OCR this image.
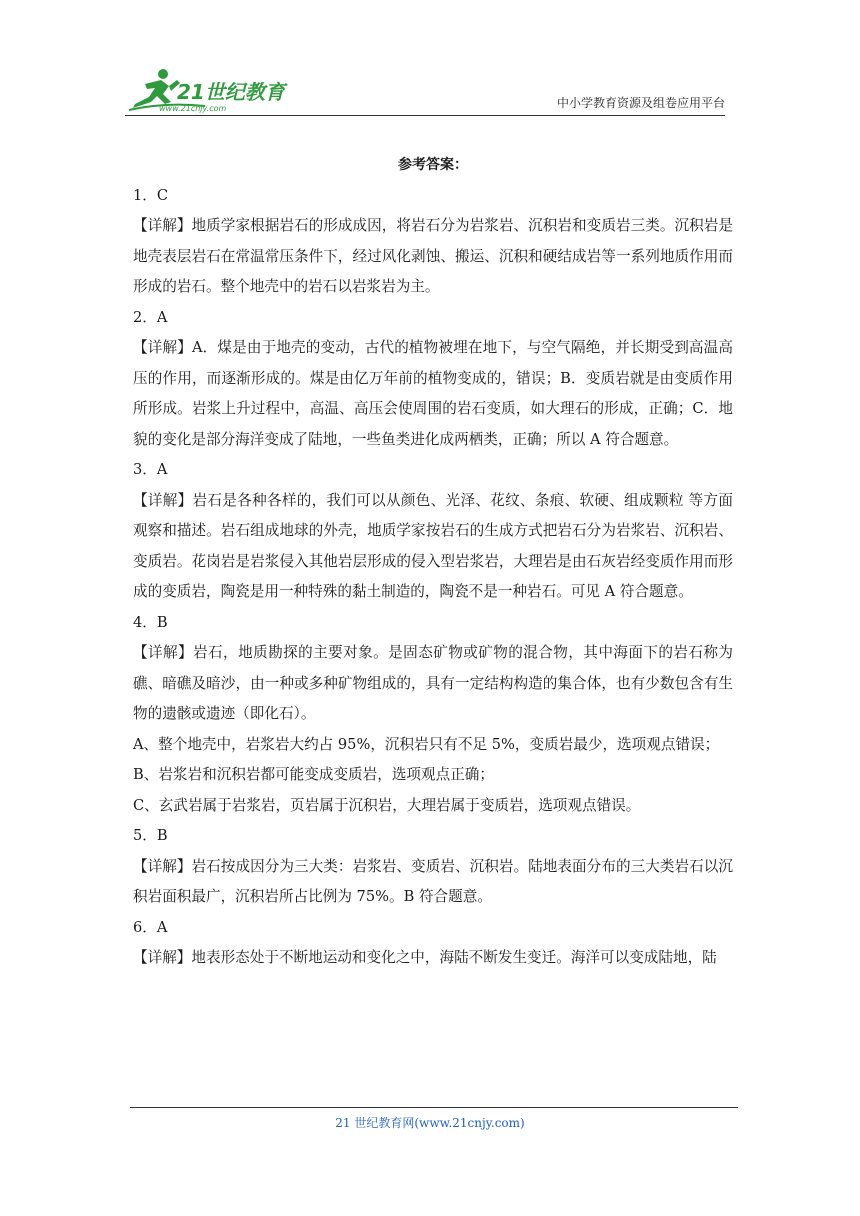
21世纪教育
www.21cnjy.com	中小学教育资源及组卷应用平台
参考答案：
1．C
【详解】地质学家根据岩石的形成成因，将岩石分为岩浆岩、沉积岩和变质岩三类。沉积岩是地壳表层岩石在常温常压条件下，经过风化剥蚀、搬运、沉积和硬结成岩等一系列地质作用而形成的岩石。整个地壳中的岩石以岩浆岩为主。
2．A
【详解】A．煤是由于地壳的变动，古代的植物被埋在地下，与空气隔绝，并长期受到高温高压的作用，而逐渐形成的。煤是由亿万年前的植物变成的，错误；B．变质岩就是由变质作用所形成。岩浆上升过程中，高温、高压会使周围的岩石变质，如大理石的形成，正确；C．地貌的变化是部分海洋变成了陆地，一些鱼类进化成两栖类，正确；所以 A 符合题意。
3．A
【详解】岩石是各种各样的，我们可以从颜色、光泽、花纹、条痕、软硬、组成颗粒 等方面观察和描述。岩石组成地球的外壳，地质学家按岩石的生成方式把岩石分为岩浆岩、沉积岩、变质岩。花岗岩是岩浆侵入其他岩层形成的侵入型岩浆岩，大理岩是由石灰岩经变质作用而形成的变质岩，陶瓷是用一种特殊的黏土制造的，陶瓷不是一种岩石。可见 A 符合题意。
4．B
【详解】岩石，地质勘探的主要对象。是固态矿物或矿物的混合物，其中海面下的岩石称为礁、暗礁及暗沙，由一种或多种矿物组成的，具有一定结构构造的集合体，也有少数包含有生物的遗骸或遗迹（即化石）。
A、整个地壳中，岩浆岩大约占 95%，沉积岩只有不足 5%，变质岩最少，选项观点错误；
B、岩浆岩和沉积岩都可能变成变质岩，选项观点正确；
C、玄武岩属于岩浆岩，页岩属于沉积岩，大理岩属于变质岩，选项观点错误。
5．B
【详解】岩石按成因分为三大类：岩浆岩、变质岩、沉积岩。陆地表面分布的三大类岩石以沉积岩面积最广，沉积岩所占比例为 75%。B 符合题意。
6．A
【详解】地表形态处于不断地运动和变化之中，海陆不断发生变迁。海洋可以变成陆地，陆
21 世纪教育网(www.21cnjy.com)
